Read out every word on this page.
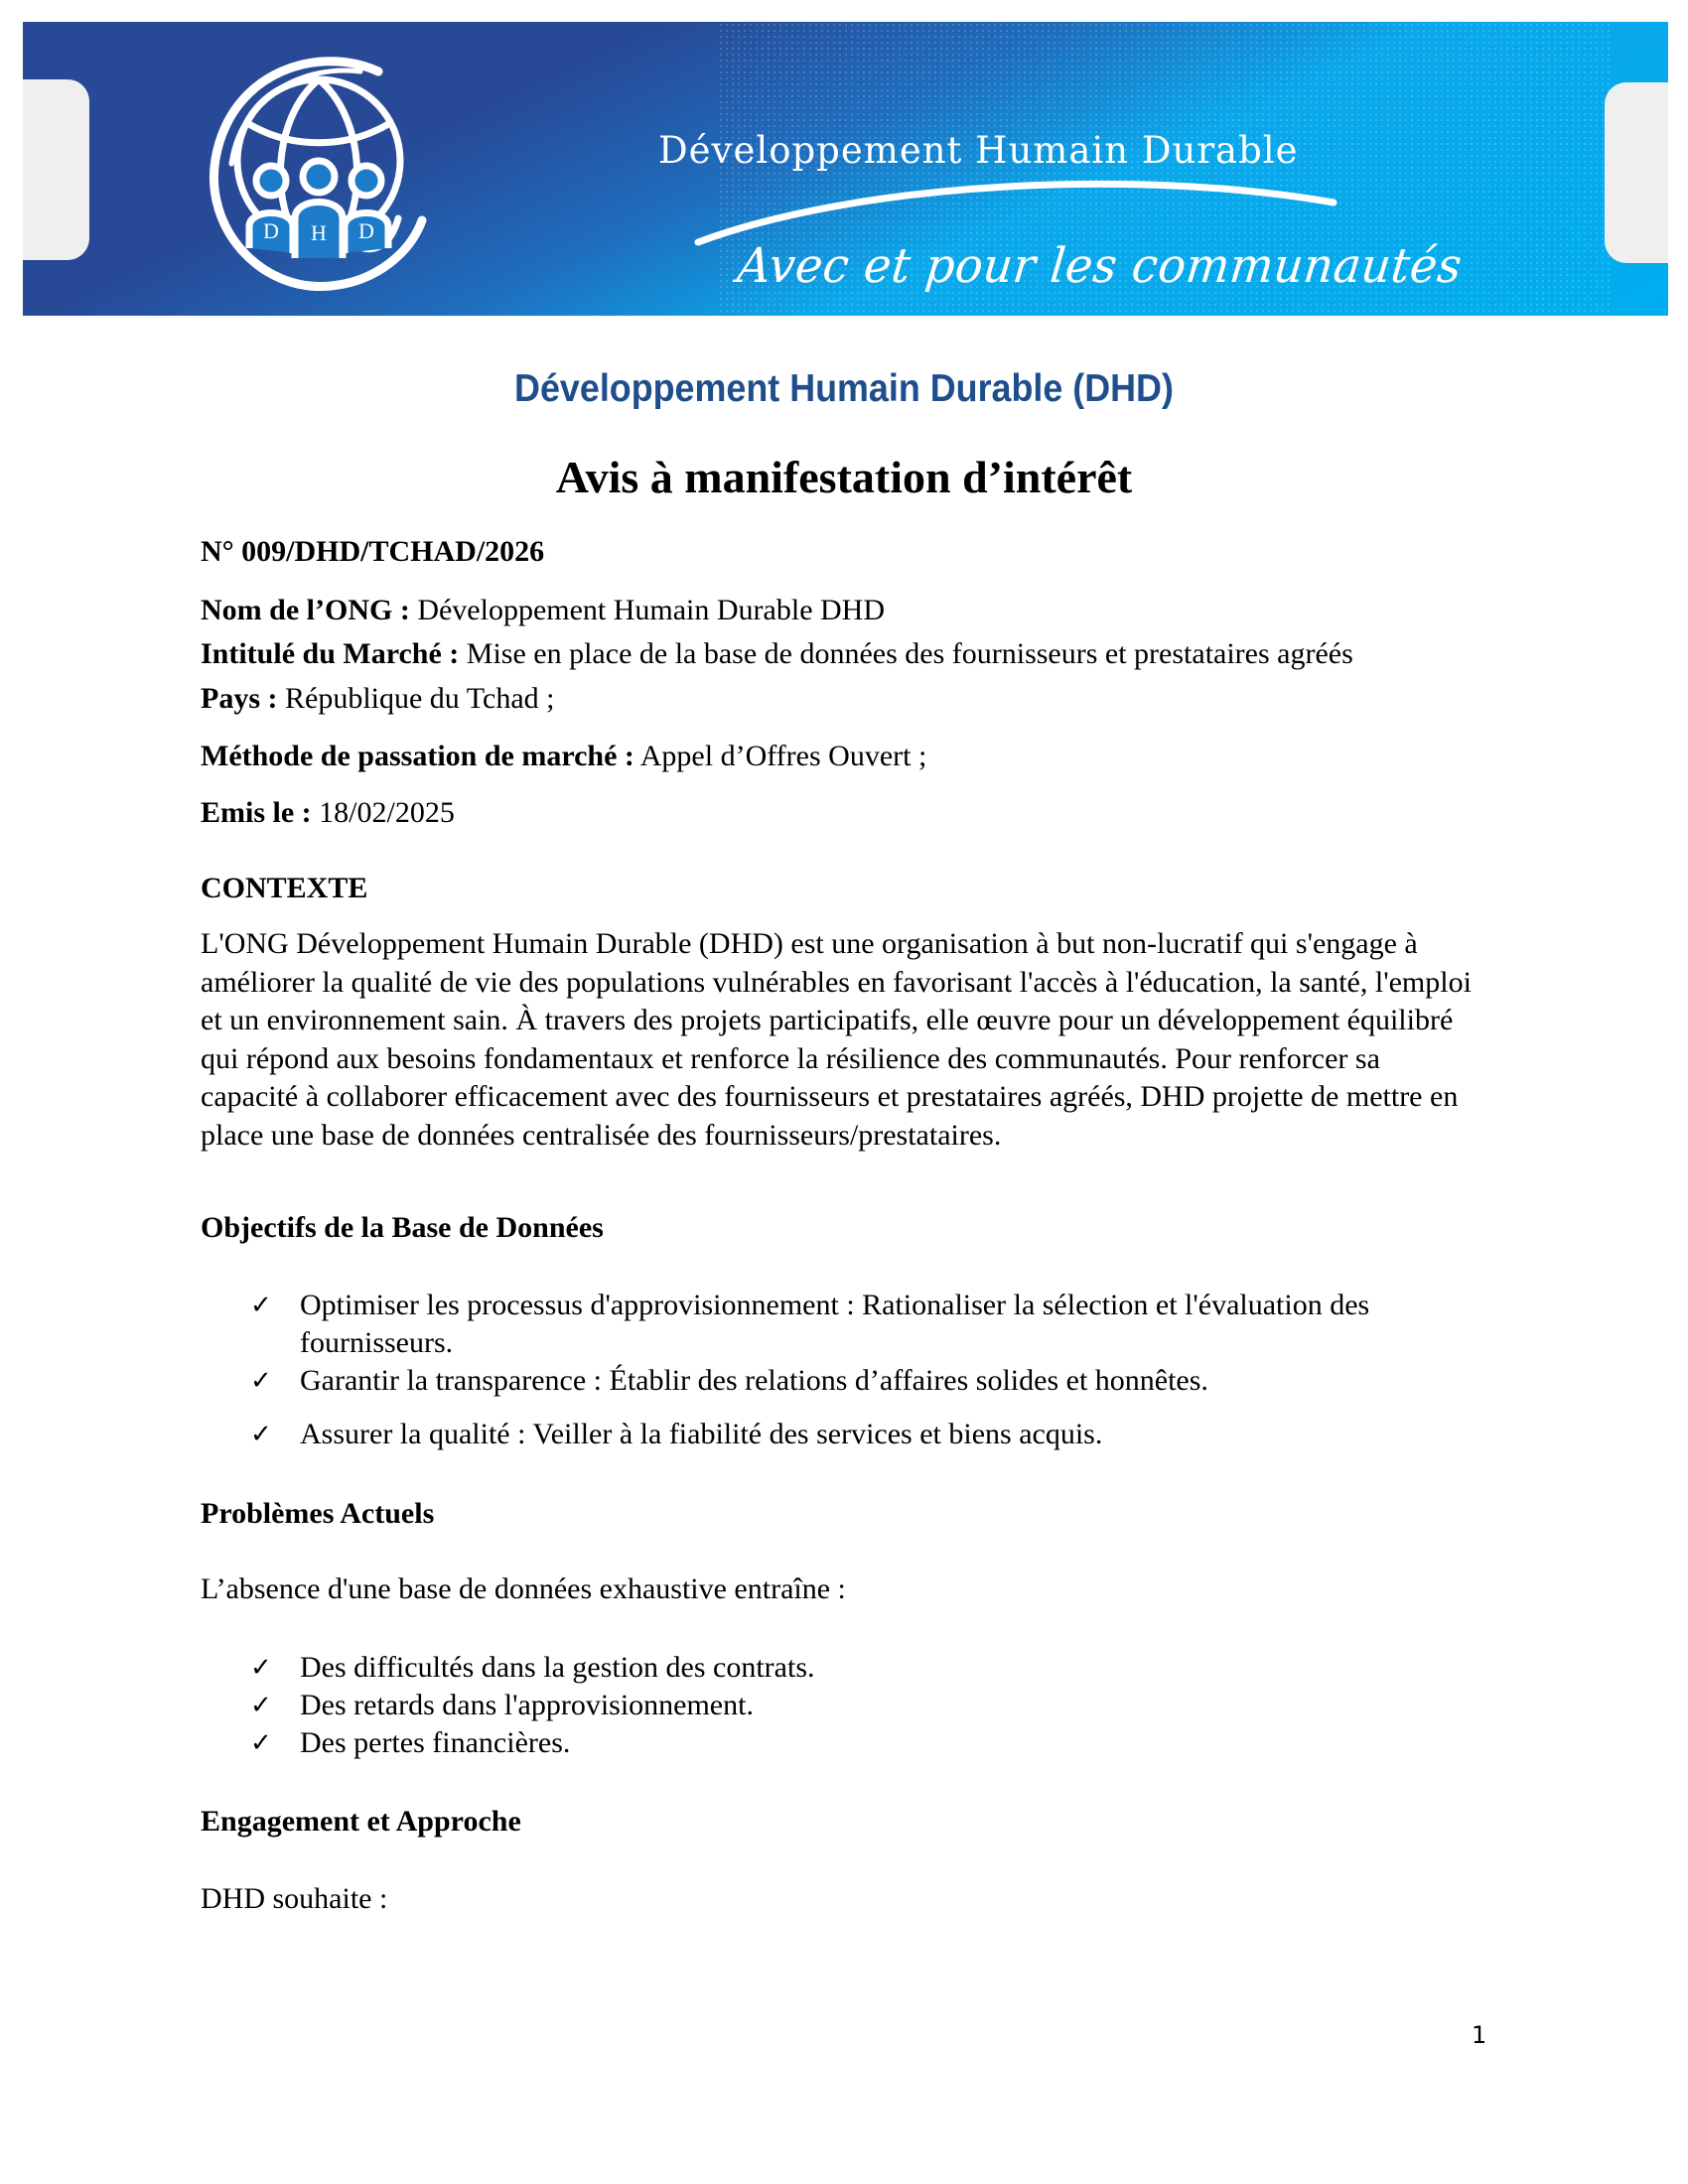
D H D
Développement Humain Durable
Avec et pour les communautés
Développement Humain Durable (DHD)
Avis à manifestation d’intérêt
N° 009/DHD/TCHAD/2026
Nom de l’ONG : Développement Humain Durable DHD
Intitulé du Marché : Mise en place de la base de données des fournisseurs et prestataires agréés
Pays : République du Tchad ;
Méthode de passation de marché : Appel d’Offres Ouvert ;
Emis le : 18/02/2025
CONTEXTE
L'ONG Développement Humain Durable (DHD) est une organisation à but non-lucratif qui s'engage à améliorer la qualité de vie des populations vulnérables en favorisant l'accès à l'éducation, la santé, l'emploi et un environnement sain. À travers des projets participatifs, elle œuvre pour un développement équilibré qui répond aux besoins fondamentaux et renforce la résilience des communautés. Pour renforcer sa capacité à collaborer efficacement avec des fournisseurs et prestataires agréés, DHD projette de mettre en place une base de données centralisée des fournisseurs/prestataires.
Objectifs de la Base de Données
✓ Optimiser les processus d'approvisionnement : Rationaliser la sélection et l'évaluation des fournisseurs.
✓ Garantir la transparence : Établir des relations d’affaires solides et honnêtes.
✓ Assurer la qualité : Veiller à la fiabilité des services et biens acquis.
Problèmes Actuels
L’absence d'une base de données exhaustive entraîne :
✓ Des difficultés dans la gestion des contrats.
✓ Des retards dans l'approvisionnement.
✓ Des pertes financières.
Engagement et Approche
DHD souhaite :
1
